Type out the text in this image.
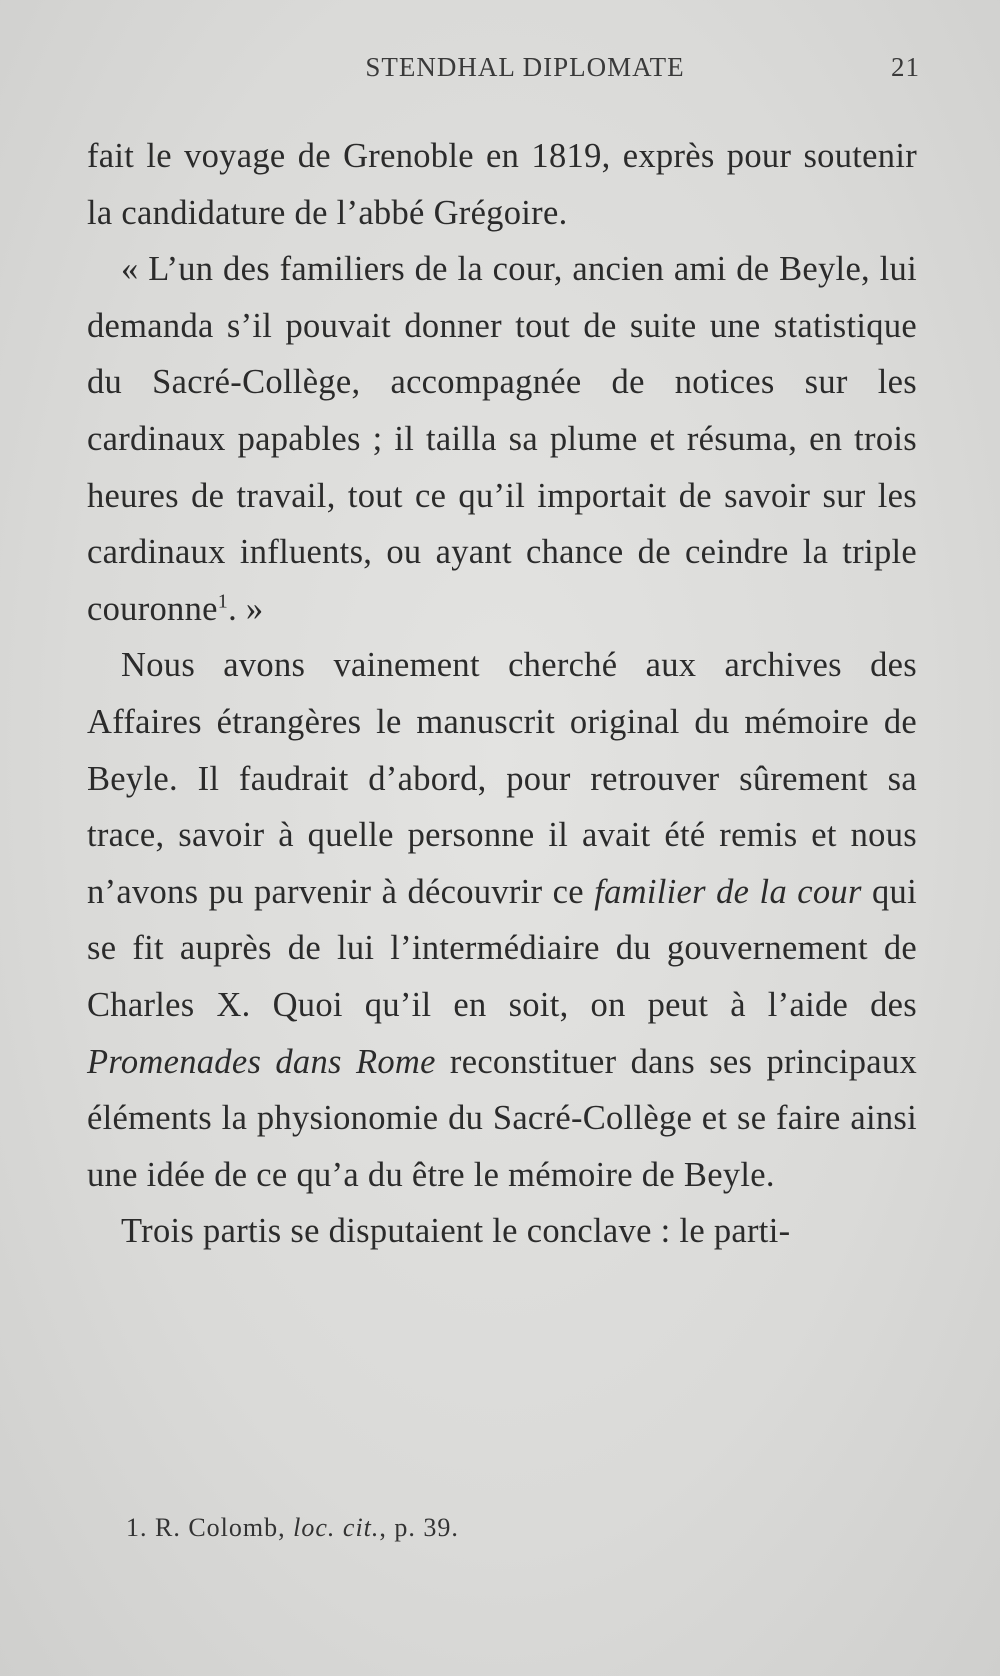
STENDHAL DIPLOMATE	21

fait le voyage de Grenoble en 1819, exprès pour soutenir la candidature de l’abbé Grégoire.

« L’un des familiers de la cour, ancien ami de Beyle, lui demanda s’il pouvait donner tout de suite une statistique du Sacré-Collège, accompagnée de notices sur les cardinaux papables ; il tailla sa plume et résuma, en trois heures de travail, tout ce qu’il importait de savoir sur les cardinaux influents, ou ayant chance de ceindre la triple couronne$^1$. »

Nous avons vainement cherché aux archives des Affaires étrangères le manuscrit original du mémoire de Beyle. Il faudrait d’abord, pour retrouver sûrement sa trace, savoir à quelle personne il avait été remis et nous n’avons pu parvenir à découvrir ce familier de la cour qui se fit auprès de lui l’intermédiaire du gouvernement de Charles X. Quoi qu’il en soit, on peut à l’aide des Promenades dans Rome reconstituer dans ses principaux éléments la physionomie du Sacré-Collège et se faire ainsi une idée de ce qu’a du être le mémoire de Beyle.

Trois partis se disputaient le conclave : le parti-

1. R. Colomb, loc. cit., p. 39.
